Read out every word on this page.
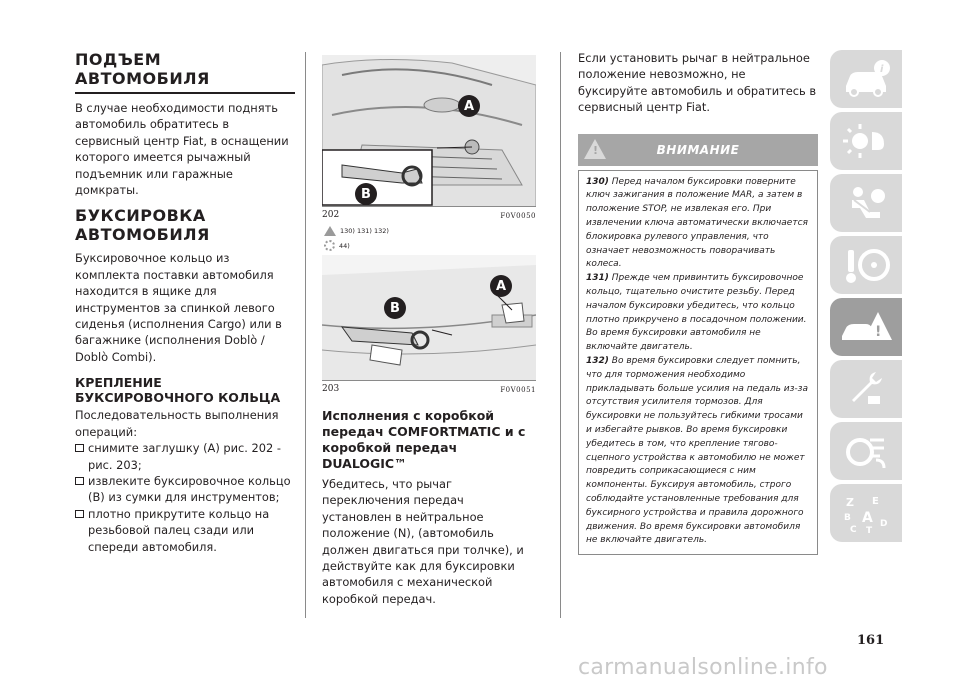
ПОДЪЕМ АВТОМОБИЛЯ

В случае необходимости поднять автомобиль обратитесь в сервисный центр Fiat, в оснащении которого имеется рычажный подъемник или гаражные домкраты.

БУКСИРОВКА АВТОМОБИЛЯ

Буксировочное кольцо из комплекта поставки автомобиля находится в ящике для инструментов за спинкой левого сиденья (исполнения Cargo) или в багажнике (исполнения Doblò / Doblò Combi).

КРЕПЛЕНИЕ БУКСИРОВОЧНОГО КОЛЬЦА

Последовательность выполнения операций:

снимите заглушку (A) рис. 202 - рис. 203;
извлеките буксировочное кольцо (B) из сумки для инструментов;
плотно прикрутите кольцо на резьбовой палец сзади или спереди автомобиля.
A
B
202	F0V0050
130) 131) 132)
44)
A
B
203	F0V0051
Исполнения с коробкой передач COMFORTMATIC и с коробкой передач DUALOGIC™

Убедитесь, что рычаг переключения передач установлен в нейтральное положение (N), (автомобиль должен двигаться при толчке), и действуйте как для буксировки автомобиля с механической коробкой передач.

Если установить рычаг в нейтральное положение невозможно, не буксируйте автомобиль и обратитесь в сервисный центр Fiat.

!	ВНИМАНИЕ

130) Перед началом буксировки поверните ключ зажигания в положение MAR, а затем в положение STOP, не извлекая его. При извлечении ключа автоматически включается блокировка рулевого управления, что означает невозможность поворачивать колеса.

131) Прежде чем привинтить буксировочное кольцо, тщательно очистите резьбу. Перед началом буксировки убедитесь, что кольцо плотно прикручено в посадочном положении. Во время буксировки автомобиля не включайте двигатель.

132) Во время буксировки следует помнить, что для торможения необходимо прикладывать больше усилия на педаль из-за отсутствия усилителя тормозов. Для буксировки не пользуйтесь гибкими тросами и избегайте рывков. Во время буксировки убедитесь в том, что крепление тягово-сцепного устройства к автомобилю не может повредить соприкасающиеся с ним компоненты. Буксируя автомобиль, строго соблюдайте установленные требования для буксирного устройства и правила дорожного движения. Во время буксировки автомобиля не включайте двигатель.

i
!
Z E
B A
C
D
T
161
carmanualsonline.info
